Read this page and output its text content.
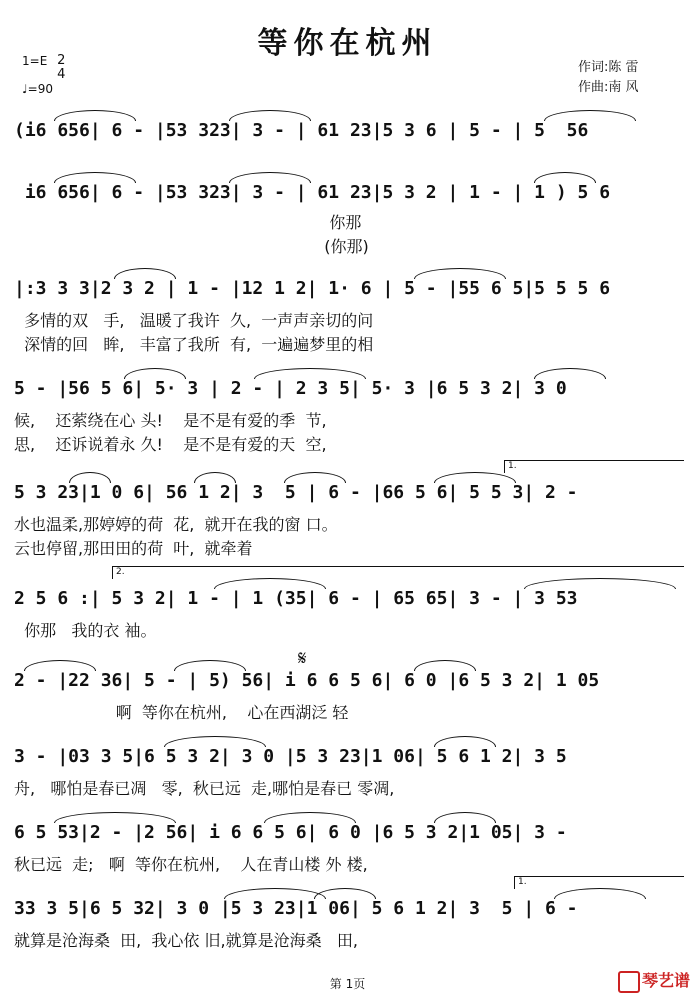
等你在杭州
1=E 2
4
♩=90
作词:陈 雷
作曲:南 风
(i6 656| 6 - |53 323| 3 - | 61 23|5 3 6 | 5 - | 5  56
i6 656| 6 - |53 323| 3 - | 61 23|5 3 2 | 1 - | 1 ) 5 6
你那
(你那)
|:3 3 3|2 3 2 | 1 - |12 1 2| 1· 6 | 5 - |55 6 5|5 5 5 6
多情的双   手,   温暖了我许  久,  一声声亲切的问
深情的回   眸,   丰富了我所  有,  一遍遍梦里的相
5 - |56 5 6| 5· 3 | 2 - | 2 3 5| 5· 3 |6 5 3 2| 3 0
候,    还萦绕在心 头!    是不是有爱的季  节,
思,    还诉说着永 久!    是不是有爱的天  空,
1.
5 3 23|1 0 6| 56 1 2| 3  5 | 6 - |66 5 6| 5 5 3| 2 -
水也温柔,那婷婷的荷  花,  就开在我的窗 口。
云也停留,那田田的荷  叶,  就牵着
2.
2 5 6 :| 5 3 2| 1 - | 1 (35| 6 - | 65 65| 3 - | 3 53
你那   我的衣 袖。
𝄋
2 - |22 36| 5 - | 5) 56| i 6 6 5 6| 6 0 |6 5 3 2| 1 05
啊  等你在杭州,    心在西湖泛 轻
3 - |03 3 5|6 5 3 2| 3 0 |5 3 23|1 06| 5 6 1 2| 3 5
舟,   哪怕是春已凋   零,  秋已远  走,哪怕是春已 零凋,
6 5 53|2 - |2 56| i 6 6 5 6| 6 0 |6 5 3 2|1 05| 3 -
秋已远  走;   啊  等你在杭州,    人在青山楼 外 楼,
1.
33 3 5|6 5 32| 3 0 |5 3 23|1 06| 5 6 1 2| 3  5 | 6 -
就算是沧海桑  田,  我心依 旧,就算是沧海桑   田,
第 1页	琴艺谱
